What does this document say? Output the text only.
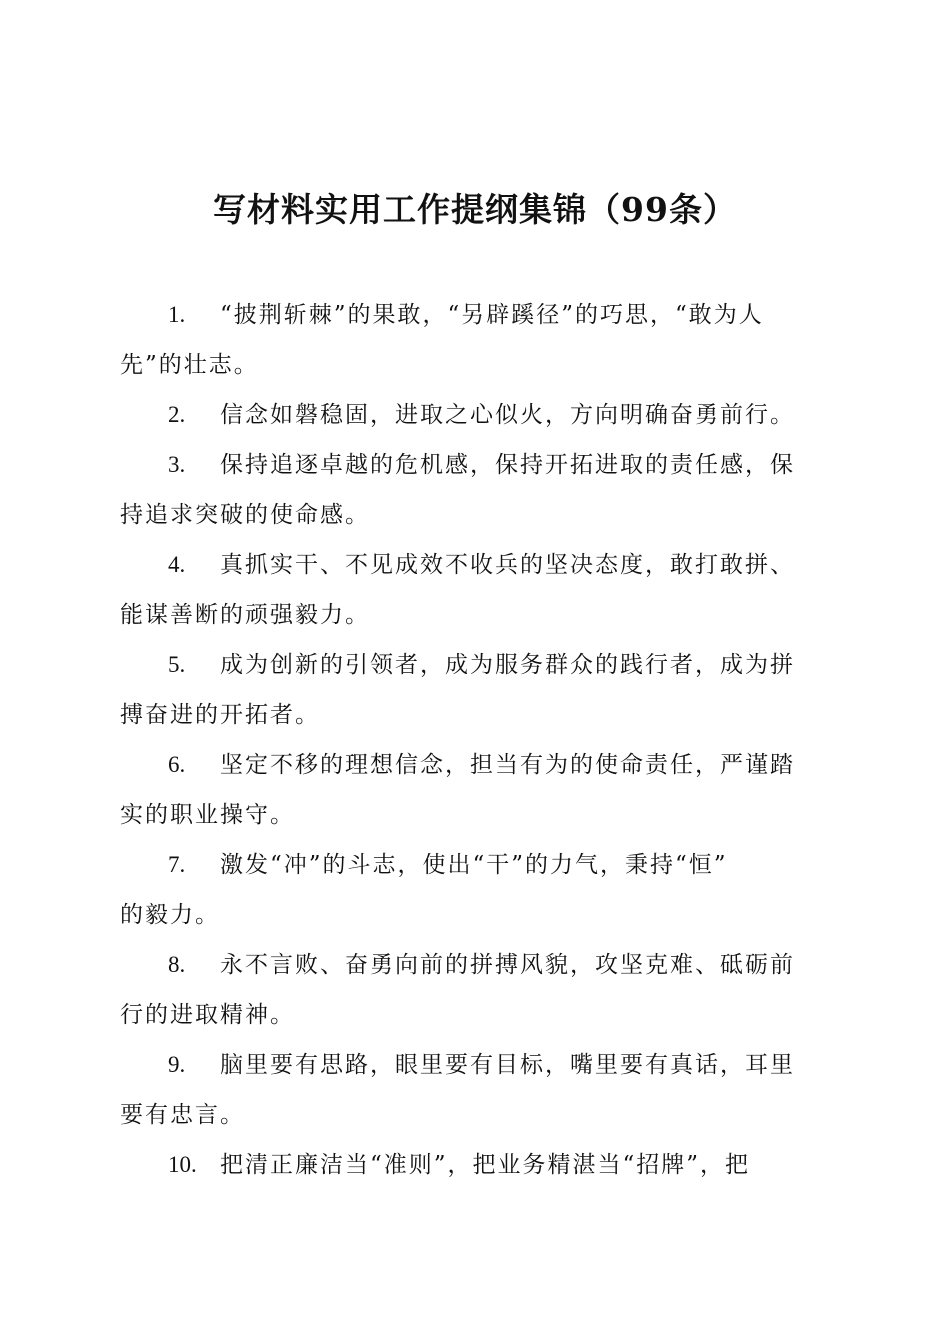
写材料实用工作提纲集锦（99条）
1. “披荆斩棘”的果敢，“另辟蹊径”的巧思，“敢为人
先”的壮志。
2. 信念如磐稳固，进取之心似火，方向明确奋勇前行。
3. 保持追逐卓越的危机感，保持开拓进取的责任感，保
持追求突破的使命感。
4. 真抓实干、不见成效不收兵的坚决态度，敢打敢拼、
能谋善断的顽强毅力。
5. 成为创新的引领者，成为服务群众的践行者，成为拼
搏奋进的开拓者。
6. 坚定不移的理想信念，担当有为的使命责任，严谨踏
实的职业操守。
7. 激发“冲”的斗志，使出“干”的力气，秉持“恒”
的毅力。
8. 永不言败、奋勇向前的拼搏风貌，攻坚克难、砥砺前
行的进取精神。
9. 脑里要有思路，眼里要有目标，嘴里要有真话，耳里
要有忠言。
10. 把清正廉洁当“准则”，把业务精湛当“招牌”，把
